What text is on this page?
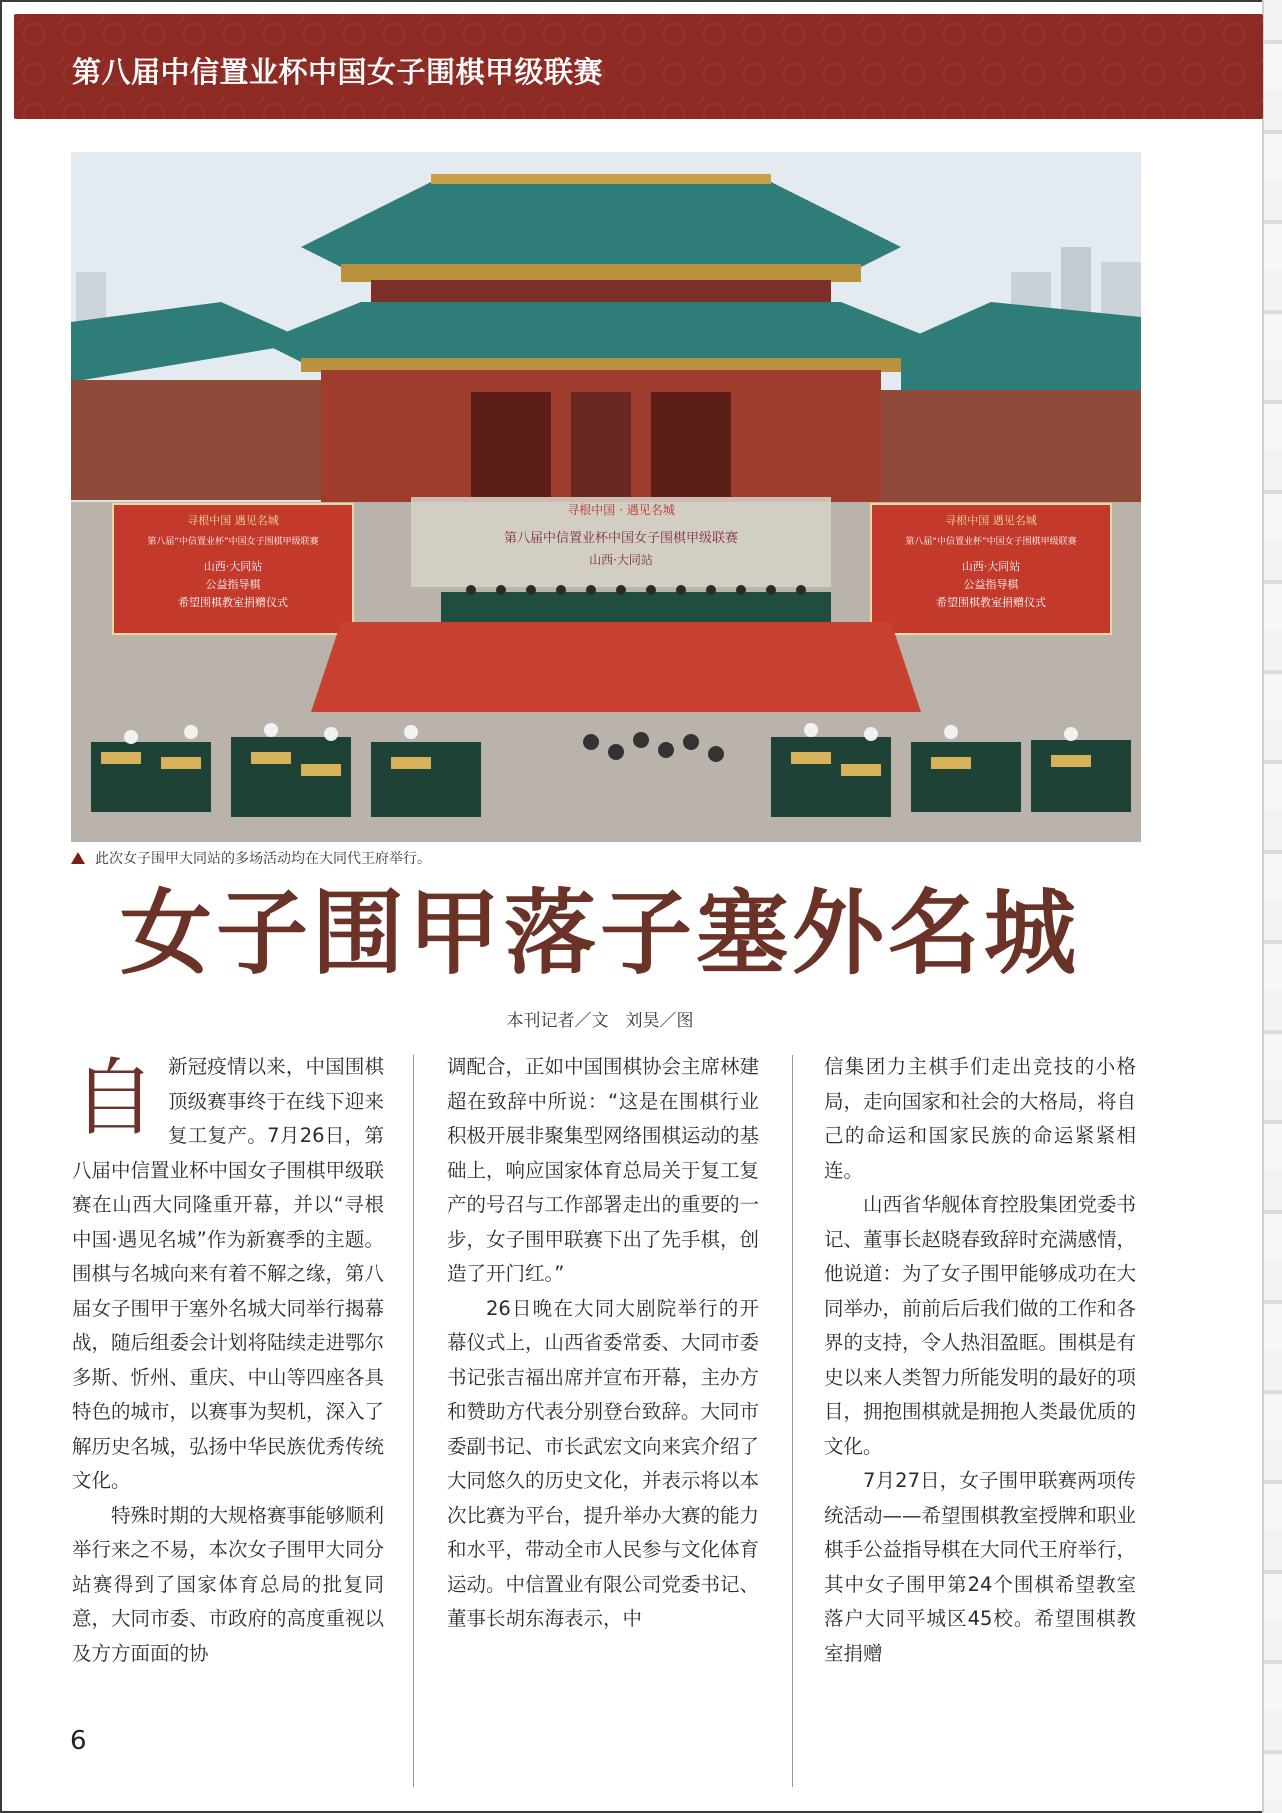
第八届中信置业杯中国女子围棋甲级联赛
寻根中国 遇见名城
第八届“中信置业杯”中国女子围棋甲级联赛
山西·大同站
公益指导棋
希望围棋教室捐赠仪式
寻根中国 遇见名城
第八届“中信置业杯”中国女子围棋甲级联赛
山西·大同站
公益指导棋
希望围棋教室捐赠仪式
寻根中国 · 遇见名城
第八届中信置业杯中国女子围棋甲级联赛
山西·大同站
此次女子围甲大同站的多场活动均在大同代王府举行。
女子围甲落子塞外名城
本刊记者／文　刘昊／图

自 新冠疫情以来，中国围棋顶级赛事终于在线下迎来复工复产。7月26日，第八届中信置业杯中国女子围棋甲级联赛在山西大同隆重开幕，并以“寻根中国·遇见名城”作为新赛季的主题。围棋与名城向来有着不解之缘，第八届女子围甲于塞外名城大同举行揭幕战，随后组委会计划将陆续走进鄂尔多斯、忻州、重庆、中山等四座各具特色的城市，以赛事为契机，深入了解历史名城，弘扬中华民族优秀传统文化。

特殊时期的大规格赛事能够顺利举行来之不易，本次女子围甲大同分站赛得到了国家体育总局的批复同意，大同市委、市政府的高度重视以及方方面面的协

调配合，正如中国围棋协会主席林建超在致辞中所说：“这是在围棋行业积极开展非聚集型网络围棋运动的基础上，响应国家体育总局关于复工复产的号召与工作部署走出的重要的一步，女子围甲联赛下出了先手棋，创造了开门红。”

26日晚在大同大剧院举行的开幕仪式上，山西省委常委、大同市委书记张吉福出席并宣布开幕，主办方和赞助方代表分别登台致辞。大同市委副书记、市长武宏文向来宾介绍了大同悠久的历史文化，并表示将以本次比赛为平台，提升举办大赛的能力和水平，带动全市人民参与文化体育运动。中信置业有限公司党委书记、董事长胡东海表示，中

信集团力主棋手们走出竞技的小格局，走向国家和社会的大格局，将自己的命运和国家民族的命运紧紧相连。

山西省华舰体育控股集团党委书记、董事长赵晓春致辞时充满感情，他说道：为了女子围甲能够成功在大同举办，前前后后我们做的工作和各界的支持，令人热泪盈眶。围棋是有史以来人类智力所能发明的最好的项目，拥抱围棋就是拥抱人类最优质的文化。

7月27日，女子围甲联赛两项传统活动——希望围棋教室授牌和职业棋手公益指导棋在大同代王府举行，其中女子围甲第24个围棋希望教室落户大同平城区45校。希望围棋教室捐赠

6
